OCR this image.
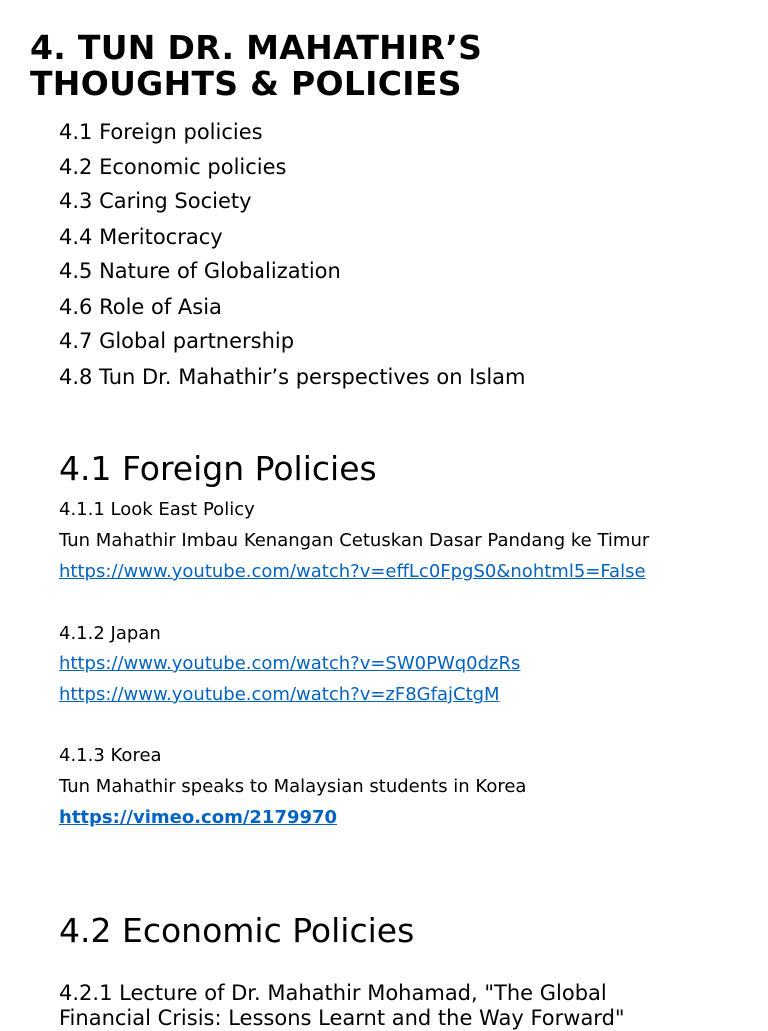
4. TUN DR. MAHATHIR’S
THOUGHTS & POLICIES
4.1 Foreign policies
4.2 Economic policies
4.3 Caring Society
4.4 Meritocracy
4.5 Nature of Globalization
4.6 Role of Asia
4.7 Global partnership
4.8 Tun Dr. Mahathir’s perspectives on Islam
4.1 Foreign Policies
4.1.1 Look East Policy
Tun Mahathir Imbau Kenangan Cetuskan Dasar Pandang ke Timur
https://www.youtube.com/watch?v=effLc0FpgS0&nohtml5=False
4.1.2 Japan
https://www.youtube.com/watch?v=SW0PWq0dzRs
https://www.youtube.com/watch?v=zF8GfajCtgM
4.1.3 Korea
Tun Mahathir speaks to Malaysian students in Korea
https://vimeo.com/2179970
4.2 Economic Policies
4.2.1 Lecture of Dr. Mahathir Mohamad, "The Global
Financial Crisis: Lessons Learnt and the Way Forward"
